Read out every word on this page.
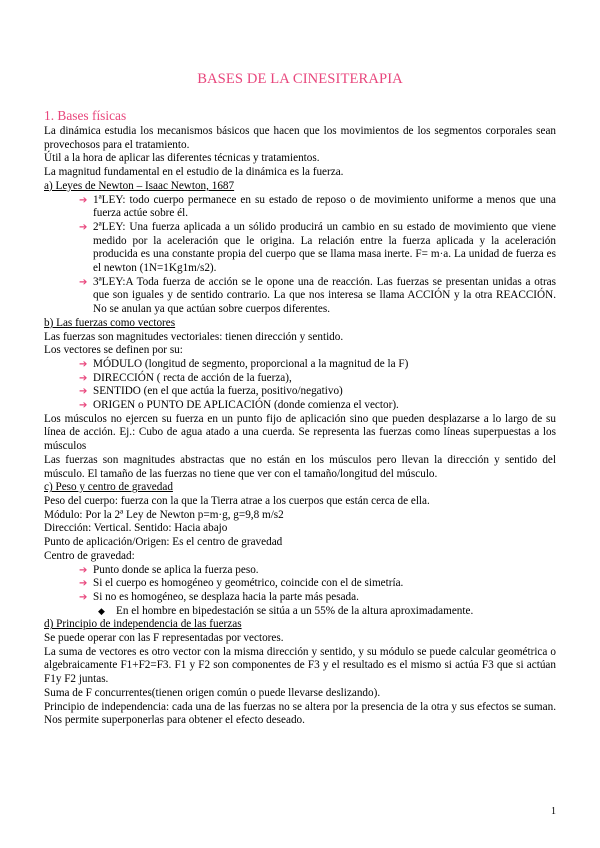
BASES DE LA CINESITERAPIA
1. Bases físicas

La dinámica estudia los mecanismos básicos que hacen que los movimientos de los segmentos corporales sean provechosos para el tratamiento.

Útil a la hora de aplicar las diferentes técnicas y tratamientos.

La magnitud fundamental en el estudio de la dinámica es la fuerza.

a) Leyes de Newton – Isaac Newton, 1687

➔ 1ªLEY: todo cuerpo permanece en su estado de reposo o de movimiento uniforme a menos que una fuerza actúe sobre él.
➔ 2ªLEY: Una fuerza aplicada a un sólido producirá un cambio en su estado de movimiento que viene medido por la aceleración que le origina. La relación entre la fuerza aplicada y la aceleración producida es una constante propia del cuerpo que se llama masa inerte. F= m·a. La unidad de fuerza es el newton (1N=1Kg1m/s2).
➔ 3ªLEY:A Toda fuerza de acción se le opone una de reacción. Las fuerzas se presentan unidas a otras que son iguales y de sentido contrario. La que nos interesa se llama ACCIÓN y la otra REACCIÓN. No se anulan ya que actúan sobre cuerpos diferentes.

b) Las fuerzas como vectores

Las fuerzas son magnitudes vectoriales: tienen dirección y sentido.

Los vectores se definen por su:

➔ MÓDULO (longitud de segmento, proporcional a la magnitud de la F)
➔ DIRECCIÓN ( recta de acción de la fuerza),
➔ SENTIDO (en el que actúa la fuerza, positivo/negativo)
➔ ORIGEN o PUNTO DE APLICACIÓN (donde comienza el vector).

Los músculos no ejercen su fuerza en un punto fijo de aplicación sino que pueden desplazarse a lo largo de su línea de acción. Ej.: Cubo de agua atado a una cuerda. Se representa las fuerzas como líneas superpuestas a los músculos

Las fuerzas son magnitudes abstractas que no están en los músculos pero llevan la dirección y sentido del músculo. El tamaño de las fuerzas no tiene que ver con el tamaño/longitud del músculo.

c) Peso y centro de gravedad

Peso del cuerpo: fuerza con la que la Tierra atrae a los cuerpos que están cerca de ella.

Módulo: Por la 2ª Ley de Newton p=m·g, g=9,8 m/s2

Dirección: Vertical. Sentido: Hacia abajo

Punto de aplicación/Origen: Es el centro de gravedad

Centro de gravedad:

➔ Punto donde se aplica la fuerza peso.
➔ Si el cuerpo es homogéneo y geométrico, coincide con el de simetría.
➔ Si no es homogéneo, se desplaza hacia la parte más pesada.
◆ En el hombre en bipedestación se sitúa a un 55% de la altura aproximadamente.

d) Principio de independencia de las fuerzas

Se puede operar con las F representadas por vectores.

La suma de vectores es otro vector con la misma dirección y sentido, y su módulo se puede calcular geométrica o algebraicamente F1+F2=F3. F1 y F2 son componentes de F3 y el resultado es el mismo si actúa F3 que si actúan F1y F2 juntas.

Suma de F concurrentes(tienen origen común o puede llevarse deslizando).

Principio de independencia: cada una de las fuerzas no se altera por la presencia de la otra y sus efectos se suman. Nos permite superponerlas para obtener el efecto deseado.

1
